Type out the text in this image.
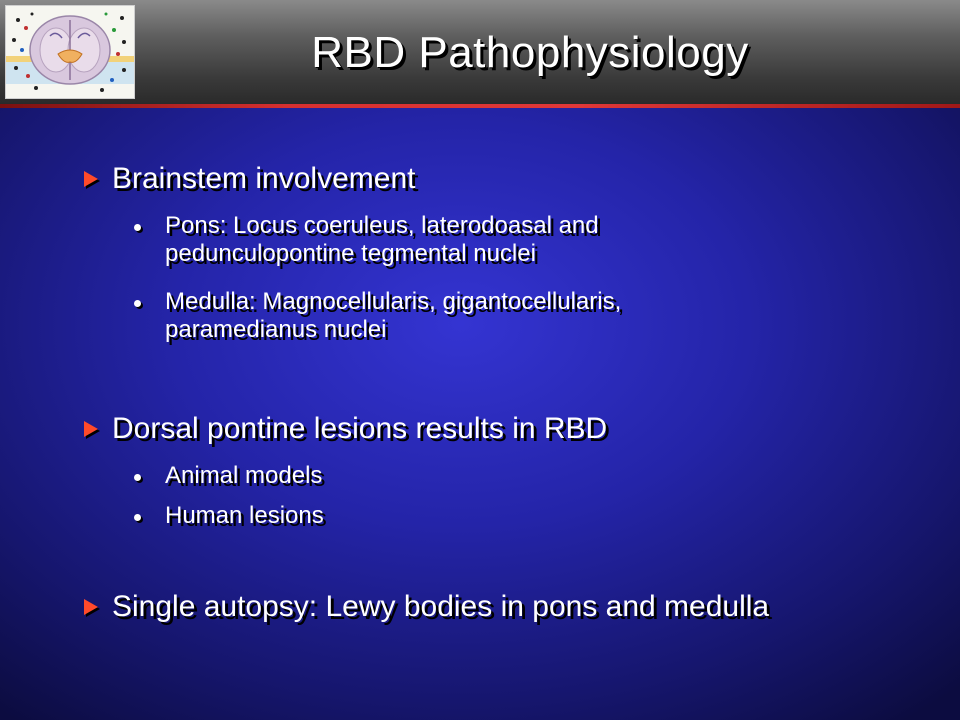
RBD Pathophysiology
Brainstem involvement
Pons: Locus coeruleus, laterodoasal and pedunculopontine tegmental nuclei
Medulla: Magnocellularis, gigantocellularis, paramedianus nuclei
Dorsal pontine lesions results in RBD
Animal models
Human lesions
Single autopsy: Lewy bodies in pons and medulla
